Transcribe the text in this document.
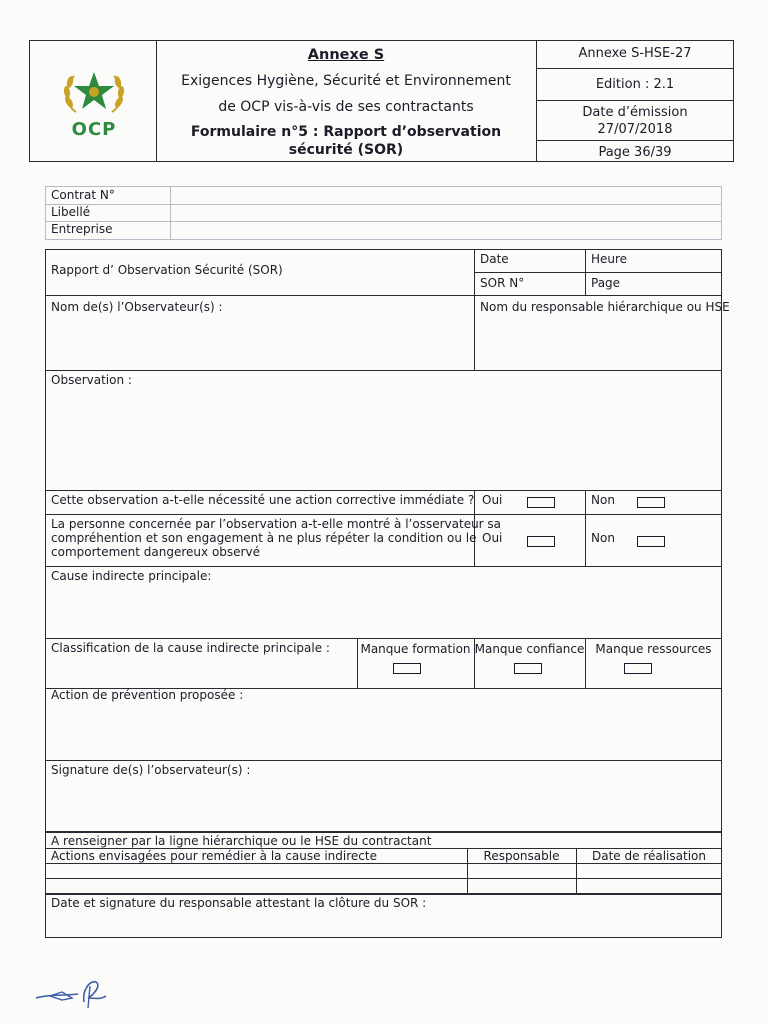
OCP
Annexe S
Exigences Hygiène, Sécurité et Environnement
de OCP vis-à-vis de ses contractants
Formulaire n°5 : Rapport d’observation
sécurité (SOR)
Annexe S-HSE-27
Edition : 2.1
Date d’émission
27/07/2018
Page 36/39
Contrat N°
Libellé
Entreprise
Rapport d’ Observation Sécurité (SOR)
Date	Heure
SOR N°	Page
Nom de(s) l’Observateur(s) :	Nom du responsable hiérarchique ou HSE
Observation :
Cette observation a-t-elle nécessité une action corrective immédiate ? Oui	Non
La personne concernée par l’observation a-t-elle montré à l’osservateur sa
compréhention et son engagement à ne plus répéter la condition ou le
comportement dangereux observé
Oui	Non
Cause indirecte principale:
Classification de la cause indirecte principale :	Manque formation Manque confiance Manque ressources
Action de prévention proposée :
Signature de(s) l’observateur(s) :
A renseigner par la ligne hiérarchique ou le HSE du contractant
Actions envisagées pour remédier à la cause indirecte	Responsable	Date de réalisation
Date et signature du responsable attestant la clôture du SOR :
